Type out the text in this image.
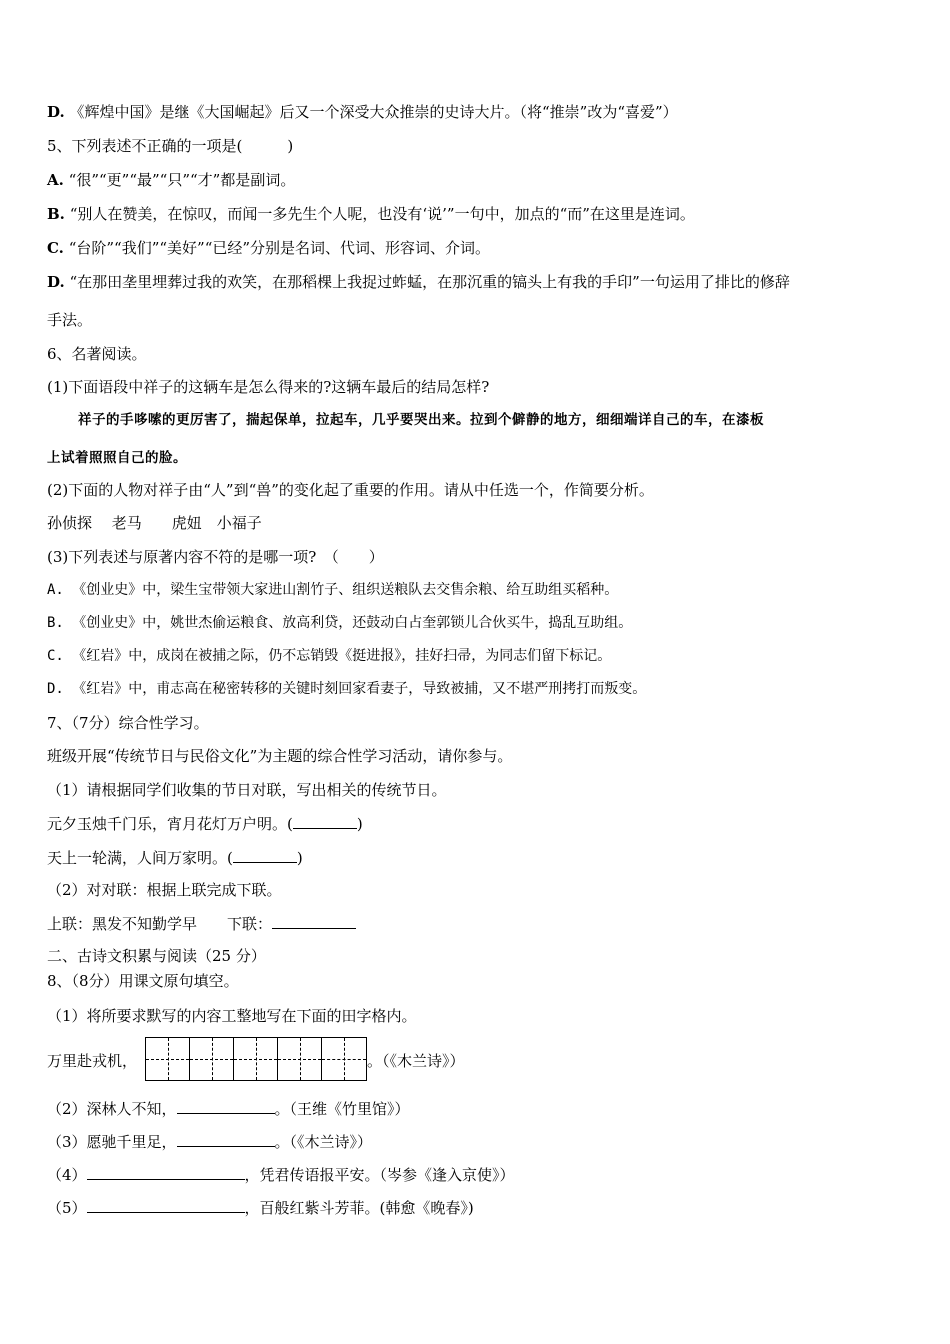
D. 《辉煌中国》是继《大国崛起》后又一个深受大众推崇的史诗大片。（将“推崇”改为“喜爱”）
5、下列表述不正确的一项是(　　　)
A. “很”“更”“最”“只”“才”都是副词。
B. “别人在赞美，在惊叹，而闻一多先生个人呢，也没有‘说’”一句中，加点的“而”在这里是连词。
C. “台阶”“我们”“美好”“已经”分别是名词、代词、形容词、介词。
D. “在那田垄里埋葬过我的欢笑，在那稻棵上我捉过蚱蜢，在那沉重的镐头上有我的手印”一句运用了排比的修辞
手法。
6、名著阅读。
(1)下面语段中祥子的这辆车是怎么得来的?这辆车最后的结局怎样?
祥子的手哆嗦的更厉害了，揣起保单，拉起车，几乎要哭出来。拉到个僻静的地方，细细端详自己的车，在漆板
上试着照照自己的脸。
(2)下面的人物对祥子由“人”到“兽”的变化起了重要的作用。请从中任选一个，作简要分析。
孙侦探　 老马　　虎妞　小福子
(3)下列表述与原著内容不符的是哪一项?　（　　）
A. 《创业史》中，梁生宝带领大家进山割竹子、组织送粮队去交售余粮、给互助组买稻种。
B. 《创业史》中，姚世杰偷运粮食、放高利贷，还鼓动白占奎郭锁儿合伙买牛，捣乱互助组。
C. 《红岩》中，成岗在被捕之际，仍不忘销毁《挺进报》，挂好扫帚，为同志们留下标记。
D. 《红岩》中，甫志高在秘密转移的关键时刻回家看妻子，导致被捕，又不堪严刑拷打而叛变。
7、（7分）综合性学习。
班级开展“传统节日与民俗文化”为主题的综合性学习活动，请你参与。
（1）请根据同学们收集的节日对联，写出相关的传统节日。
元夕玉烛千门乐，宵月花灯万户明。(	)
天上一轮满，人间万家明。(	)
（2）对对联：根据上联完成下联。
上联：黑发不知勤学早　　下联：
二、古诗文积累与阅读（25 分）
8、（8分）用课文原句填空。
（1）将所要求默写的内容工整地写在下面的田字格内。
万里赴戎机，	。（《木兰诗》）
（2）深林人不知，	。（王维《竹里馆》）
（3）愿驰千里足，	。（《木兰诗》）
（4）	，凭君传语报平安。（岑参《逢入京使》）
（5）	，百般红紫斗芳菲。(韩愈《晚春》)
